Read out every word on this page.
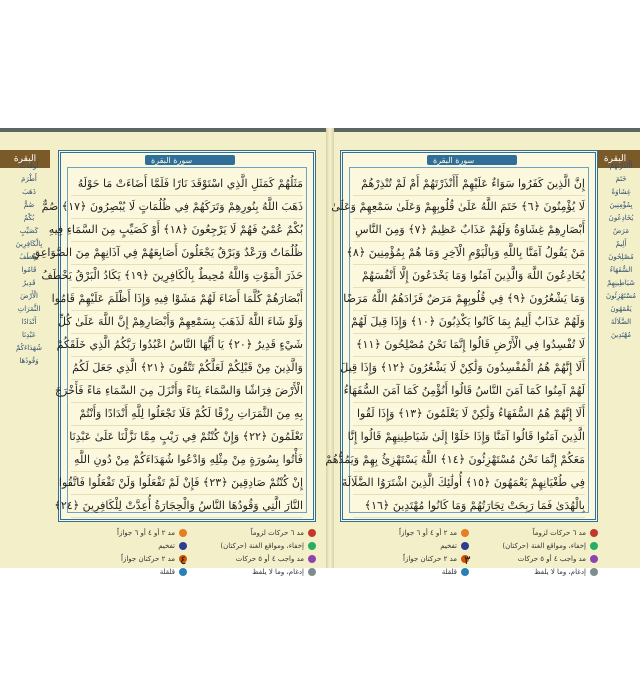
البقرة	البقرة
أُوقَدَتْ
أَطْرَمَ
ذَهَبَ
صُمٌّ
بُكْمٌ
كَصَيِّبٍ
بِالْكَافِرِينَ
يَخْطَفُ
قَامُوا
قَدِيرٌ
الْأَرْضَ
الثَّمَرَاتِ
أَنْدَادًا
عَبْدِنَا
شُهَدَاءَكُمْ
وَقُودُهَا
أَأَنْذَرْتَهُمْ
خَتَمَ
غِشَاوَةٌ
بِمُؤْمِنِينَ
يُخَادِعُونَ
مَرَضٌ
أَلِيمٌ
مُصْلِحُونَ
السُّفَهَاءُ
شَيَاطِينِهِمْ
مُسْتَهْزِئُونَ
يَعْمَهُونَ
الضَّلَالَةَ
مُهْتَدِينَ
سورة البقرة
مَثَلُهُمْ كَمَثَلِ الَّذِي اسْتَوْقَدَ نَارًا فَلَمَّا أَضَاءَتْ مَا حَوْلَهُ
ذَهَبَ اللَّهُ بِنُورِهِمْ وَتَرَكَهُمْ فِي ظُلُمَاتٍ لَا يُبْصِرُونَ ﴿١٧﴾ صُمٌّ
بُكْمٌ عُمْيٌ فَهُمْ لَا يَرْجِعُونَ ﴿١٨﴾ أَوْ كَصَيِّبٍ مِنَ السَّمَاءِ فِيهِ
ظُلُمَاتٌ وَرَعْدٌ وَبَرْقٌ يَجْعَلُونَ أَصَابِعَهُمْ فِي آذَانِهِمْ مِنَ الصَّوَاعِقِ
حَذَرَ الْمَوْتِ وَاللَّهُ مُحِيطٌ بِالْكَافِرِينَ ﴿١٩﴾ يَكَادُ الْبَرْقُ يَخْطَفُ
أَبْصَارَهُمْ كُلَّمَا أَضَاءَ لَهُمْ مَشَوْا فِيهِ وَإِذَا أَظْلَمَ عَلَيْهِمْ قَامُوا
وَلَوْ شَاءَ اللَّهُ لَذَهَبَ بِسَمْعِهِمْ وَأَبْصَارِهِمْ إِنَّ اللَّهَ عَلَىٰ كُلِّ
شَيْءٍ قَدِيرٌ ﴿٢٠﴾ يَا أَيُّهَا النَّاسُ اعْبُدُوا رَبَّكُمُ الَّذِي خَلَقَكُمْ
وَالَّذِينَ مِنْ قَبْلِكُمْ لَعَلَّكُمْ تَتَّقُونَ ﴿٢١﴾ الَّذِي جَعَلَ لَكُمُ
الْأَرْضَ فِرَاشًا وَالسَّمَاءَ بِنَاءً وَأَنْزَلَ مِنَ السَّمَاءِ مَاءً فَأَخْرَجَ
بِهِ مِنَ الثَّمَرَاتِ رِزْقًا لَكُمْ فَلَا تَجْعَلُوا لِلَّهِ أَنْدَادًا وَأَنْتُمْ
تَعْلَمُونَ ﴿٢٢﴾ وَإِنْ كُنْتُمْ فِي رَيْبٍ مِمَّا نَزَّلْنَا عَلَىٰ عَبْدِنَا
فَأْتُوا بِسُورَةٍ مِنْ مِثْلِهِ وَادْعُوا شُهَدَاءَكُمْ مِنْ دُونِ اللَّهِ
إِنْ كُنْتُمْ صَادِقِينَ ﴿٢٣﴾ فَإِنْ لَمْ تَفْعَلُوا وَلَنْ تَفْعَلُوا فَاتَّقُوا
النَّارَ الَّتِي وَقُودُهَا النَّاسُ وَالْحِجَارَةُ أُعِدَّتْ لِلْكَافِرِينَ ﴿٢٤﴾
سورة البقرة
إِنَّ الَّذِينَ كَفَرُوا سَوَاءٌ عَلَيْهِمْ أَأَنْذَرْتَهُمْ أَمْ لَمْ تُنْذِرْهُمْ
لَا يُؤْمِنُونَ ﴿٦﴾ خَتَمَ اللَّهُ عَلَىٰ قُلُوبِهِمْ وَعَلَىٰ سَمْعِهِمْ وَعَلَىٰ
أَبْصَارِهِمْ غِشَاوَةٌ وَلَهُمْ عَذَابٌ عَظِيمٌ ﴿٧﴾ وَمِنَ النَّاسِ
مَنْ يَقُولُ آمَنَّا بِاللَّهِ وَبِالْيَوْمِ الْآخِرِ وَمَا هُمْ بِمُؤْمِنِينَ ﴿٨﴾
يُخَادِعُونَ اللَّهَ وَالَّذِينَ آمَنُوا وَمَا يَخْدَعُونَ إِلَّا أَنْفُسَهُمْ
وَمَا يَشْعُرُونَ ﴿٩﴾ فِي قُلُوبِهِمْ مَرَضٌ فَزَادَهُمُ اللَّهُ مَرَضًا
وَلَهُمْ عَذَابٌ أَلِيمٌ بِمَا كَانُوا يَكْذِبُونَ ﴿١٠﴾ وَإِذَا قِيلَ لَهُمْ
لَا تُفْسِدُوا فِي الْأَرْضِ قَالُوا إِنَّمَا نَحْنُ مُصْلِحُونَ ﴿١١﴾
أَلَا إِنَّهُمْ هُمُ الْمُفْسِدُونَ وَلَٰكِنْ لَا يَشْعُرُونَ ﴿١٢﴾ وَإِذَا قِيلَ
لَهُمْ آمِنُوا كَمَا آمَنَ النَّاسُ قَالُوا أَنُؤْمِنُ كَمَا آمَنَ السُّفَهَاءُ
أَلَا إِنَّهُمْ هُمُ السُّفَهَاءُ وَلَٰكِنْ لَا يَعْلَمُونَ ﴿١٣﴾ وَإِذَا لَقُوا
الَّذِينَ آمَنُوا قَالُوا آمَنَّا وَإِذَا خَلَوْا إِلَىٰ شَيَاطِينِهِمْ قَالُوا إِنَّا
مَعَكُمْ إِنَّمَا نَحْنُ مُسْتَهْزِئُونَ ﴿١٤﴾ اللَّهُ يَسْتَهْزِئُ بِهِمْ وَيَمُدُّهُمْ
فِي طُغْيَانِهِمْ يَعْمَهُونَ ﴿١٥﴾ أُولَٰئِكَ الَّذِينَ اشْتَرَوُا الضَّلَالَةَ
بِالْهُدَىٰ فَمَا رَبِحَتْ تِجَارَتُهُمْ وَمَا كَانُوا مُهْتَدِينَ ﴿١٦﴾
مد ٦ حركات لزوماً
مد ٢ أو ٤ أو ٦ جوازاً
إخفاء، ومواقع الغنة (حركتان)
تفخيم
مد واجب ٤ أو ٥ حركات
مد ٢ حركتان جوازاً
إدغام، وما لا يلفظ
قلقلة
مد ٦ حركات لزوماً
مد ٢ أو ٤ أو ٦ جوازاً
إخفاء، ومواقع الغنة (حركتان)
تفخيم
مد واجب ٤ أو ٥ حركات
مد ٢ حركتان جوازاً
إدغام، وما لا يلفظ
قلقلة
٤	٣
